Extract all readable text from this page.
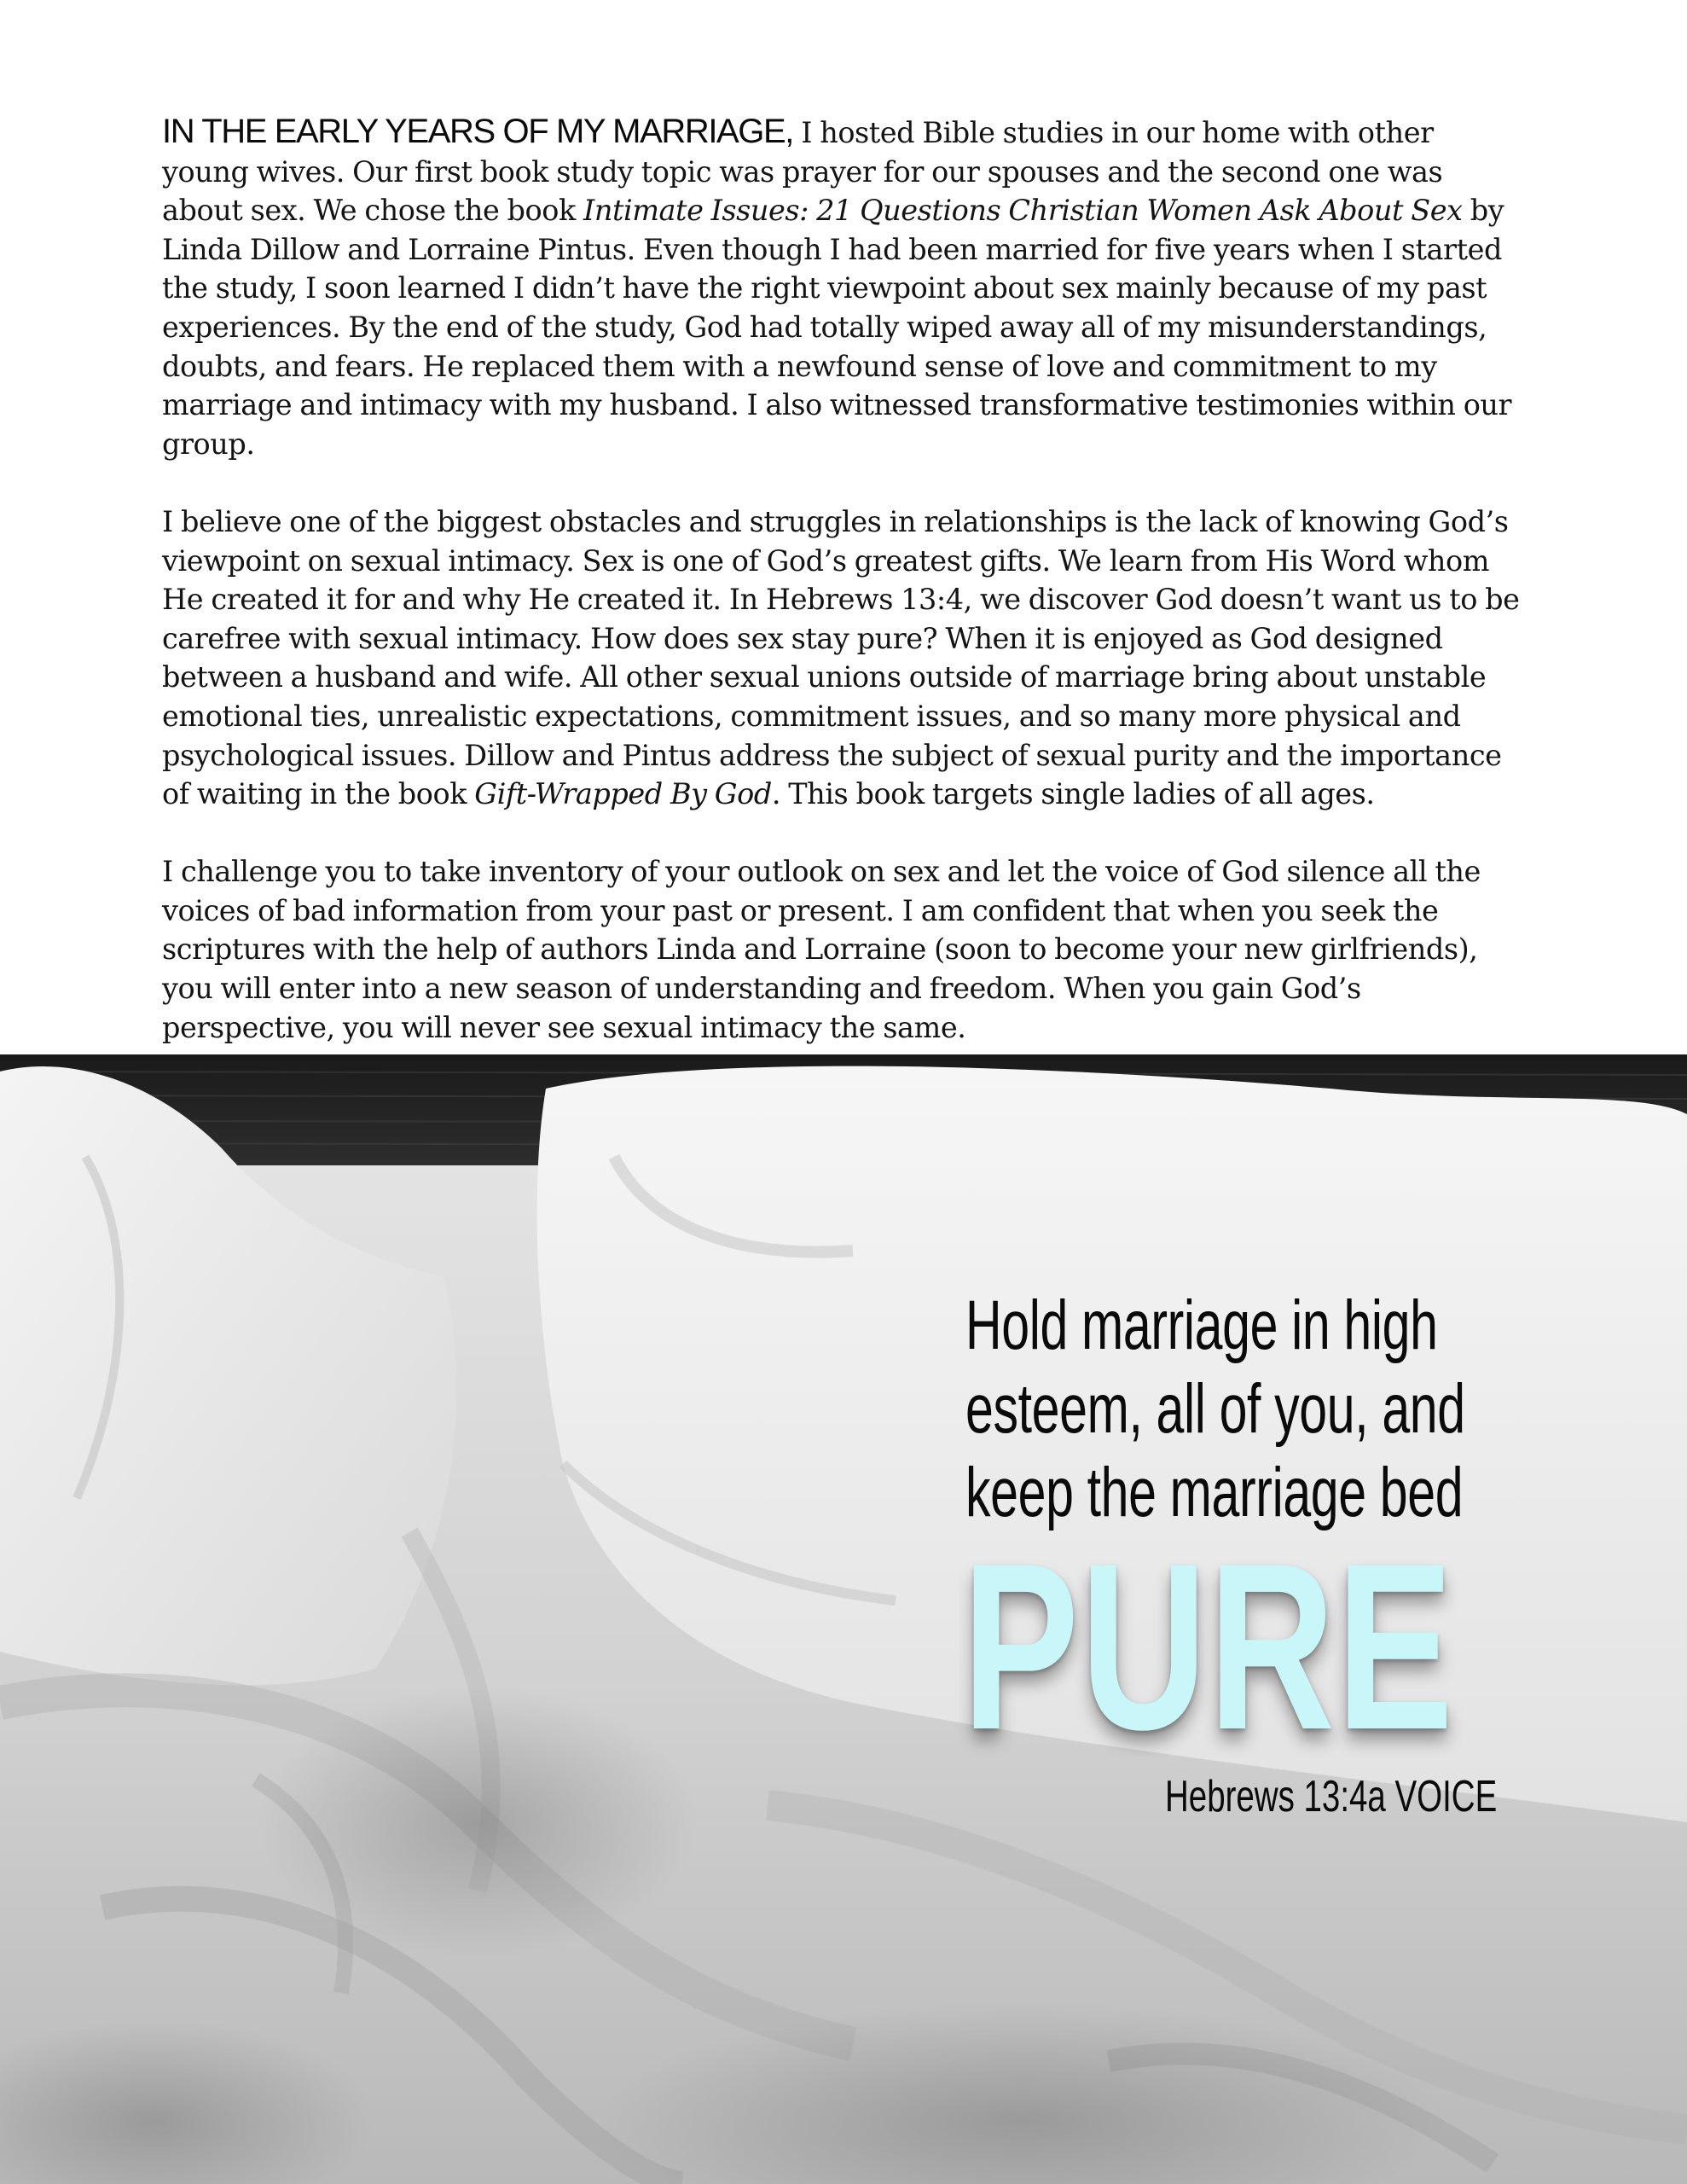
IN THE EARLY YEARS OF MY MARRIAGE, I hosted Bible studies in our home with other young wives. Our first book study topic was prayer for our spouses and the second one was about sex. We chose the book Intimate Issues: 21 Questions Christian Women Ask About Sex by Linda Dillow and Lorraine Pintus. Even though I had been married for five years when I started the study, I soon learned I didn’t have the right viewpoint about sex mainly because of my past experiences. By the end of the study, God had totally wiped away all of my misunderstandings, doubts, and fears. He replaced them with a newfound sense of love and commitment to my marriage and intimacy with my husband. I also witnessed transformative testimonies within our group.

I believe one of the biggest obstacles and struggles in relationships is the lack of knowing God’s viewpoint on sexual intimacy. Sex is one of God’s greatest gifts. We learn from His Word whom He created it for and why He created it. In Hebrews 13:4, we discover God doesn’t want us to be carefree with sexual intimacy. How does sex stay pure? When it is enjoyed as God designed between a husband and wife. All other sexual unions outside of marriage bring about unstable emotional ties, unrealistic expectations, commitment issues, and so many more physical and psychological issues. Dillow and Pintus address the subject of sexual purity and the importance of waiting in the book Gift-Wrapped By God. This book targets single ladies of all ages.

I challenge you to take inventory of your outlook on sex and let the voice of God silence all the voices of bad information from your past or present. I am confident that when you seek the scriptures with the help of authors Linda and Lorraine (soon to become your new girlfriends), you will enter into a new season of understanding and freedom. When you gain God’s perspective, you will never see sexual intimacy the same.

Hold marriage in high
esteem, all of you, and
keep the marriage bed
PURE
Hebrews 13:4a VOICE
